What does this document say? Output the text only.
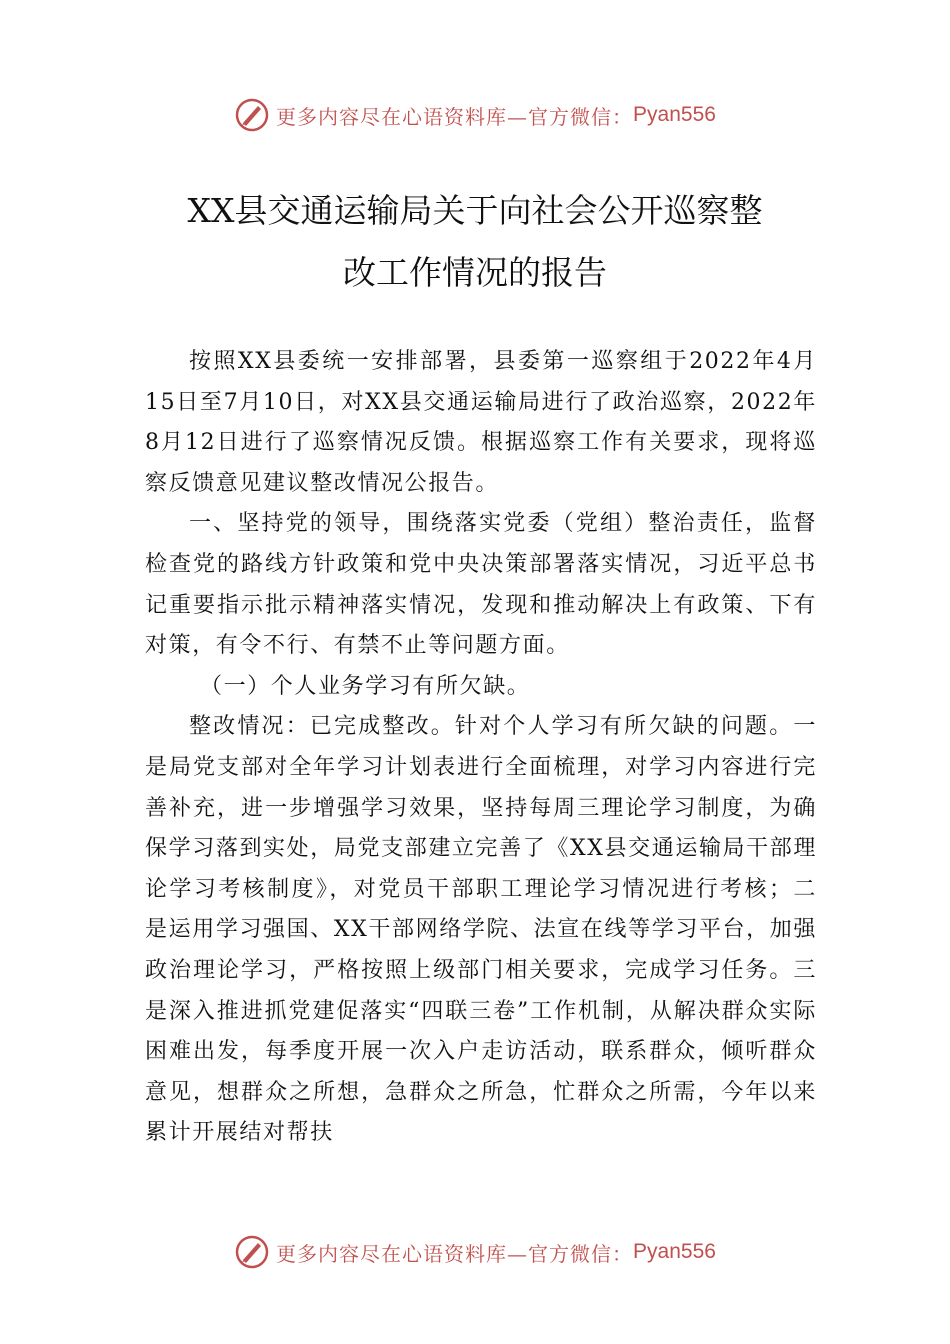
更多内容尽在心语资料库—官方微信： Pyan556
XX县交通运输局关于向社会公开巡察整
改工作情况的报告

按照XX县委统一安排部署，县委第一巡察组于2022年4月15日至7月10日，对XX县交通运输局进行了政治巡察，2022年8月12日进行了巡察情况反馈。根据巡察工作有关要求，现将巡察反馈意见建议整改情况公报告。

一、坚持党的领导，围绕落实党委（党组）整治责任，监督检查党的路线方针政策和党中央决策部署落实情况，习近平总书记重要指示批示精神落实情况，发现和推动解决上有政策、下有对策，有令不行、有禁不止等问题方面。

（一）个人业务学习有所欠缺。

整改情况：已完成整改。针对个人学习有所欠缺的问题。一是局党支部对全年学习计划表进行全面梳理，对学习内容进行完善补充，进一步增强学习效果，坚持每周三理论学习制度，为确保学习落到实处，局党支部建立完善了《XX县交通运输局干部理论学习考核制度》，对党员干部职工理论学习情况进行考核；二是运用学习强国、XX干部网络学院、法宣在线等学习平台，加强政治理论学习，严格按照上级部门相关要求，完成学习任务。三是深入推进抓党建促落实“四联三卷”工作机制，从解决群众实际困难出发，每季度开展一次入户走访活动，联系群众，倾听群众意见，想群众之所想，急群众之所急，忙群众之所需，今年以来累计开展结对帮扶

更多内容尽在心语资料库—官方微信： Pyan556
